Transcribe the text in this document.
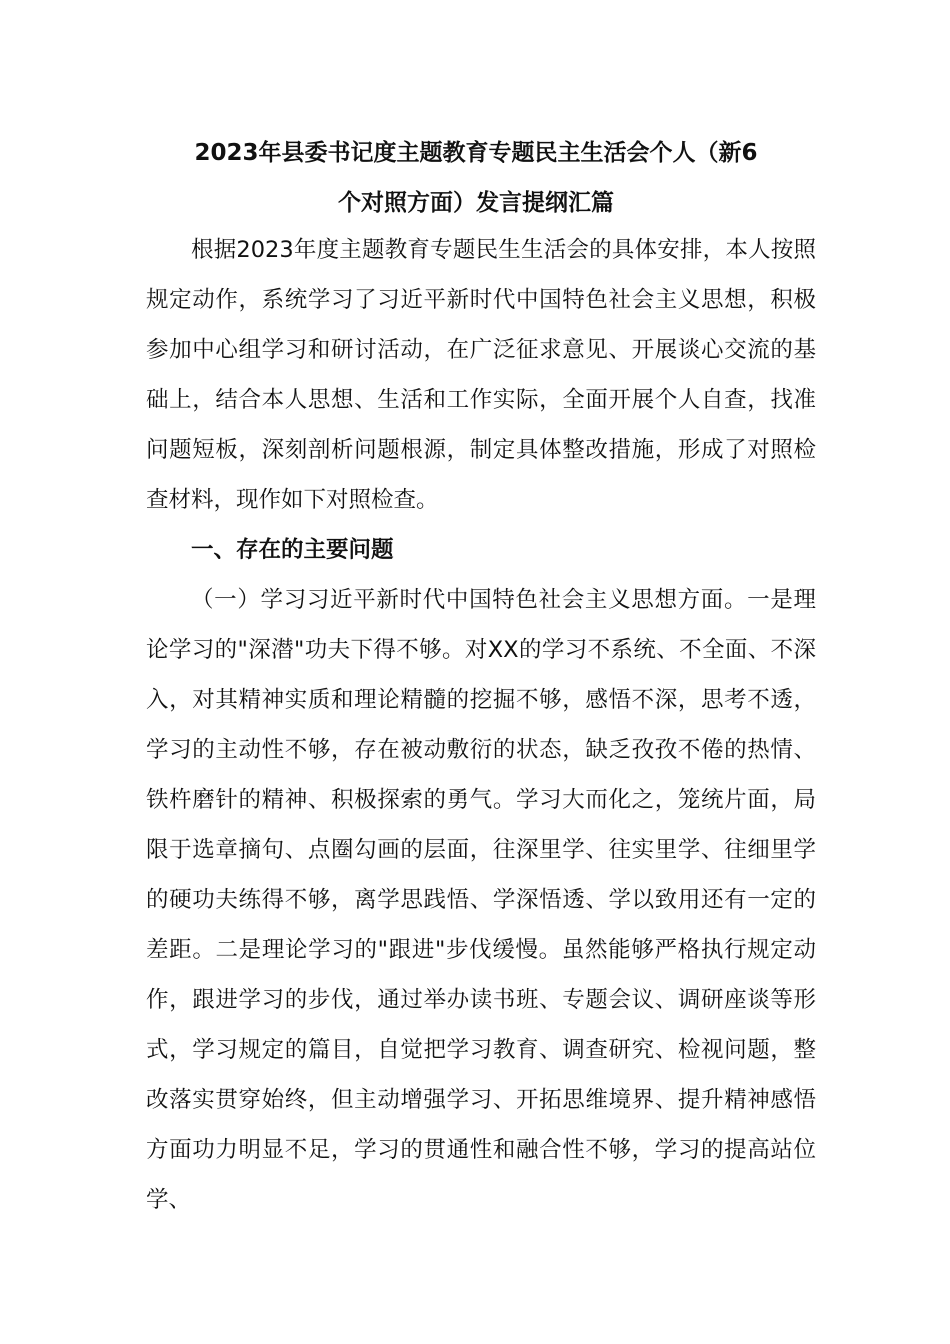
2023年县委书记度主题教育专题民主生活会个人（新6
个对照方面）发言提纲汇篇

根据2023年度主题教育专题民生生活会的具体安排，本人按照规定动作，系统学习了习近平新时代中国特色社会主义思想，积极参加中心组学习和研讨活动，在广泛征求意见、开展谈心交流的基础上，结合本人思想、生活和工作实际，全面开展个人自查，找准问题短板，深刻剖析问题根源，制定具体整改措施，形成了对照检查材料，现作如下对照检查。

一、存在的主要问题

（一）学习习近平新时代中国特色社会主义思想方面。一是理论学习的"深潜"功夫下得不够。对XX的学习不系统、不全面、不深入，对其精神实质和理论精髓的挖掘不够，感悟不深，思考不透，学习的主动性不够，存在被动敷衍的状态，缺乏孜孜不倦的热情、铁杵磨针的精神、积极探索的勇气。学习大而化之，笼统片面，局限于选章摘句、点圈勾画的层面，往深里学、往实里学、往细里学的硬功夫练得不够，离学思践悟、学深悟透、学以致用还有一定的差距。二是理论学习的"跟进"步伐缓慢。虽然能够严格执行规定动作，跟进学习的步伐，通过举办读书班、专题会议、调研座谈等形式，学习规定的篇目，自觉把学习教育、调查研究、检视问题，整改落实贯穿始终，但主动增强学习、开拓思维境界、提升精神感悟方面功力明显不足，学习的贯通性和融合性不够，学习的提高站位学、
